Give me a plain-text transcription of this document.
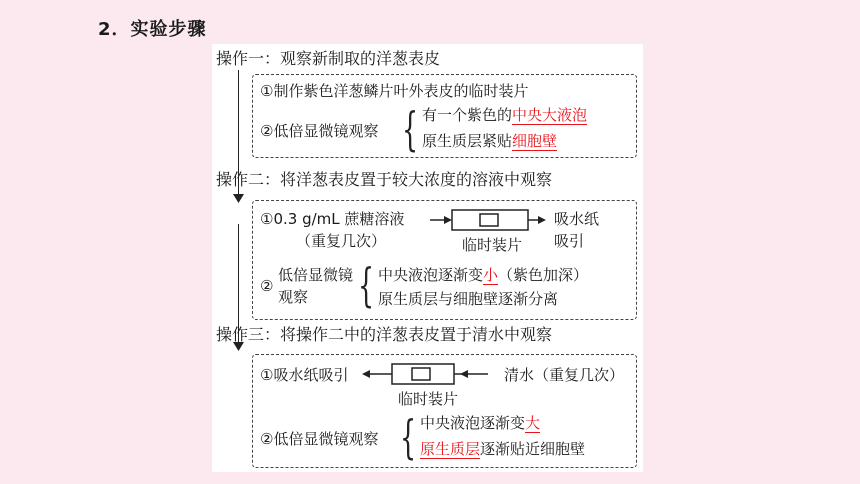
2．实验步骤
操作一：观察新制取的洋葱表皮
①制作紫色洋葱鳞片叶外表皮的临时装片
②低倍显微镜观察 { 有一个紫色的中央大液泡
原生质层紧贴细胞壁
操作二：将洋葱表皮置于较大浓度的溶液中观察
①0.3 g/mL 蔗糖溶液
（重复几次）	临时装片
吸水纸
吸引
②
低倍显微镜
观察 { 中央液泡逐渐变小（紫色加深）
原生质层与细胞壁逐渐分离
操作三：将操作二中的洋葱表皮置于清水中观察
①吸水纸吸引	清水（重复几次）
临时装片
②低倍显微镜观察 { 中央液泡逐渐变大
原生质层逐渐贴近细胞壁
